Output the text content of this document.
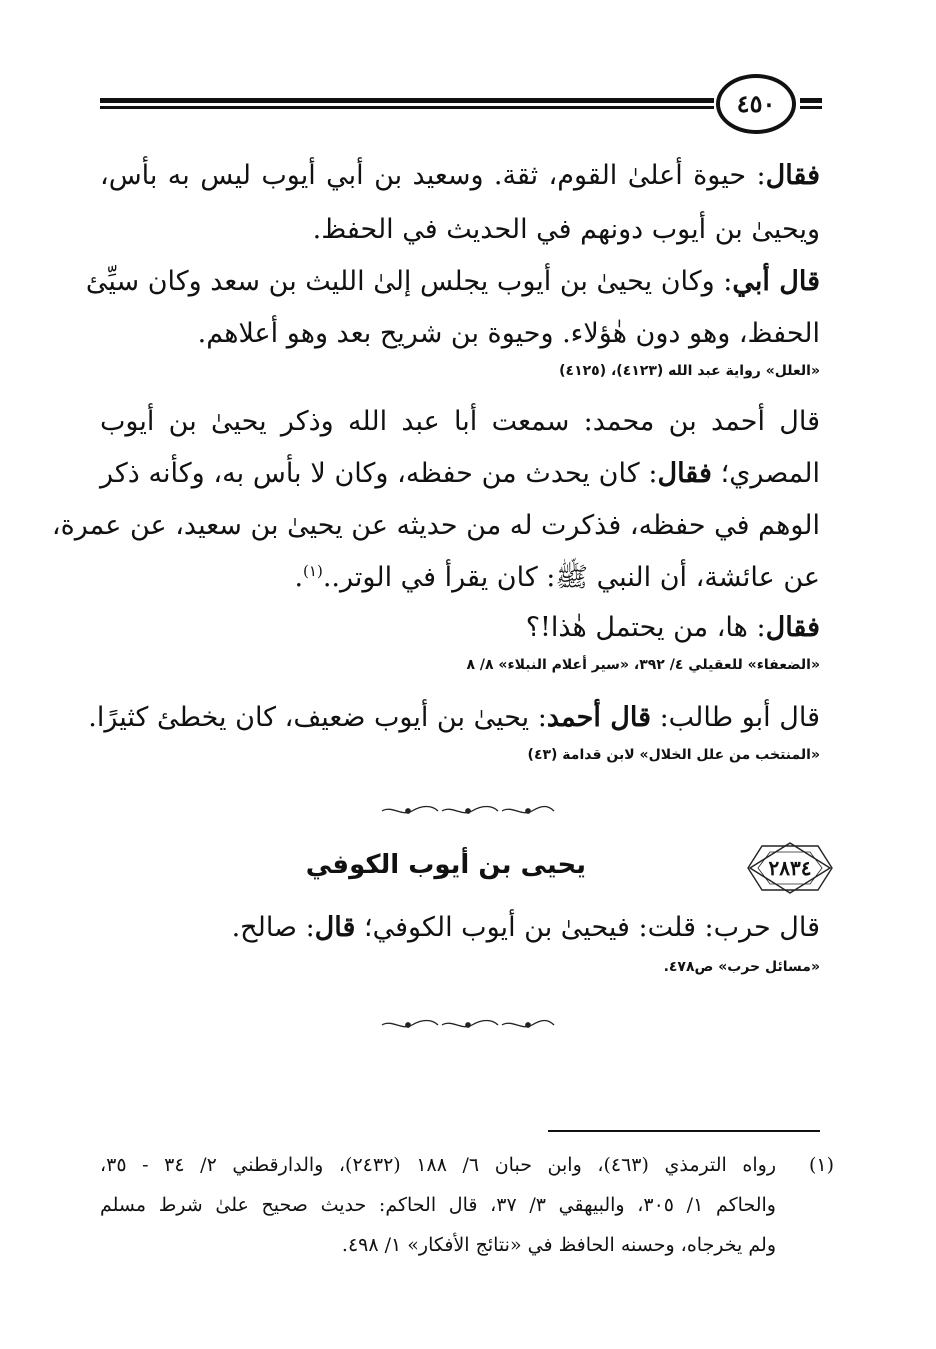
٤٥٠
فقال: حيوة أعلىٰ القوم، ثقة. وسعيد بن أبي أيوب ليس به بأس،
ويحيىٰ بن أيوب دونهم في الحديث في الحفظ.
قال أبي: وكان يحيىٰ بن أيوب يجلس إلىٰ الليث بن سعد وكان سيِّئ
الحفظ، وهو دون هٰؤلاء. وحيوة بن شريح بعد وهو أعلاهم.
«العلل» رواية عبد الله (٤١٢٣)، (٤١٢٥)
قال أحمد بن محمد: سمعت أبا عبد الله وذكر يحيىٰ بن أيوب
المصري؛ فقال: كان يحدث من حفظه، وكان لا بأس به، وكأنه ذكر
الوهم في حفظه، فذكرت له من حديثه عن يحيىٰ بن سعيد، عن عمرة،
عن عائشة، أن النبي ﷺ: كان يقرأ في الوتر..$^{(١)}$.
فقال: ها، من يحتمل هٰذا!؟
«الضعفاء» للعقيلي ٤/ ٣٩٢، «سير أعلام النبلاء» ٨/ ٨
قال أبو طالب: قال أحمد: يحيىٰ بن أيوب ضعيف، كان يخطئ كثيرًا.
«المنتخب من علل الخلال» لابن قدامة (٤٣)
٢٨٣٤
يحيى بن أيوب الكوفي
قال حرب: قلت: فيحيىٰ بن أيوب الكوفي؛ قال: صالح.
«مسائل حرب» ص٤٧٨.
(١)
رواه الترمذي (٤٦٣)، وابن حبان ٦/ ١٨٨ (٢٤٣٢)، والدارقطني ٢/ ٣٤ - ٣٥،
والحاكم ١/ ٣٠٥، والبيهقي ٣/ ٣٧، قال الحاكم: حديث صحيح علىٰ شرط مسلم
ولم يخرجاه، وحسنه الحافظ في «نتائج الأفكار» ١/ ٤٩٨.
